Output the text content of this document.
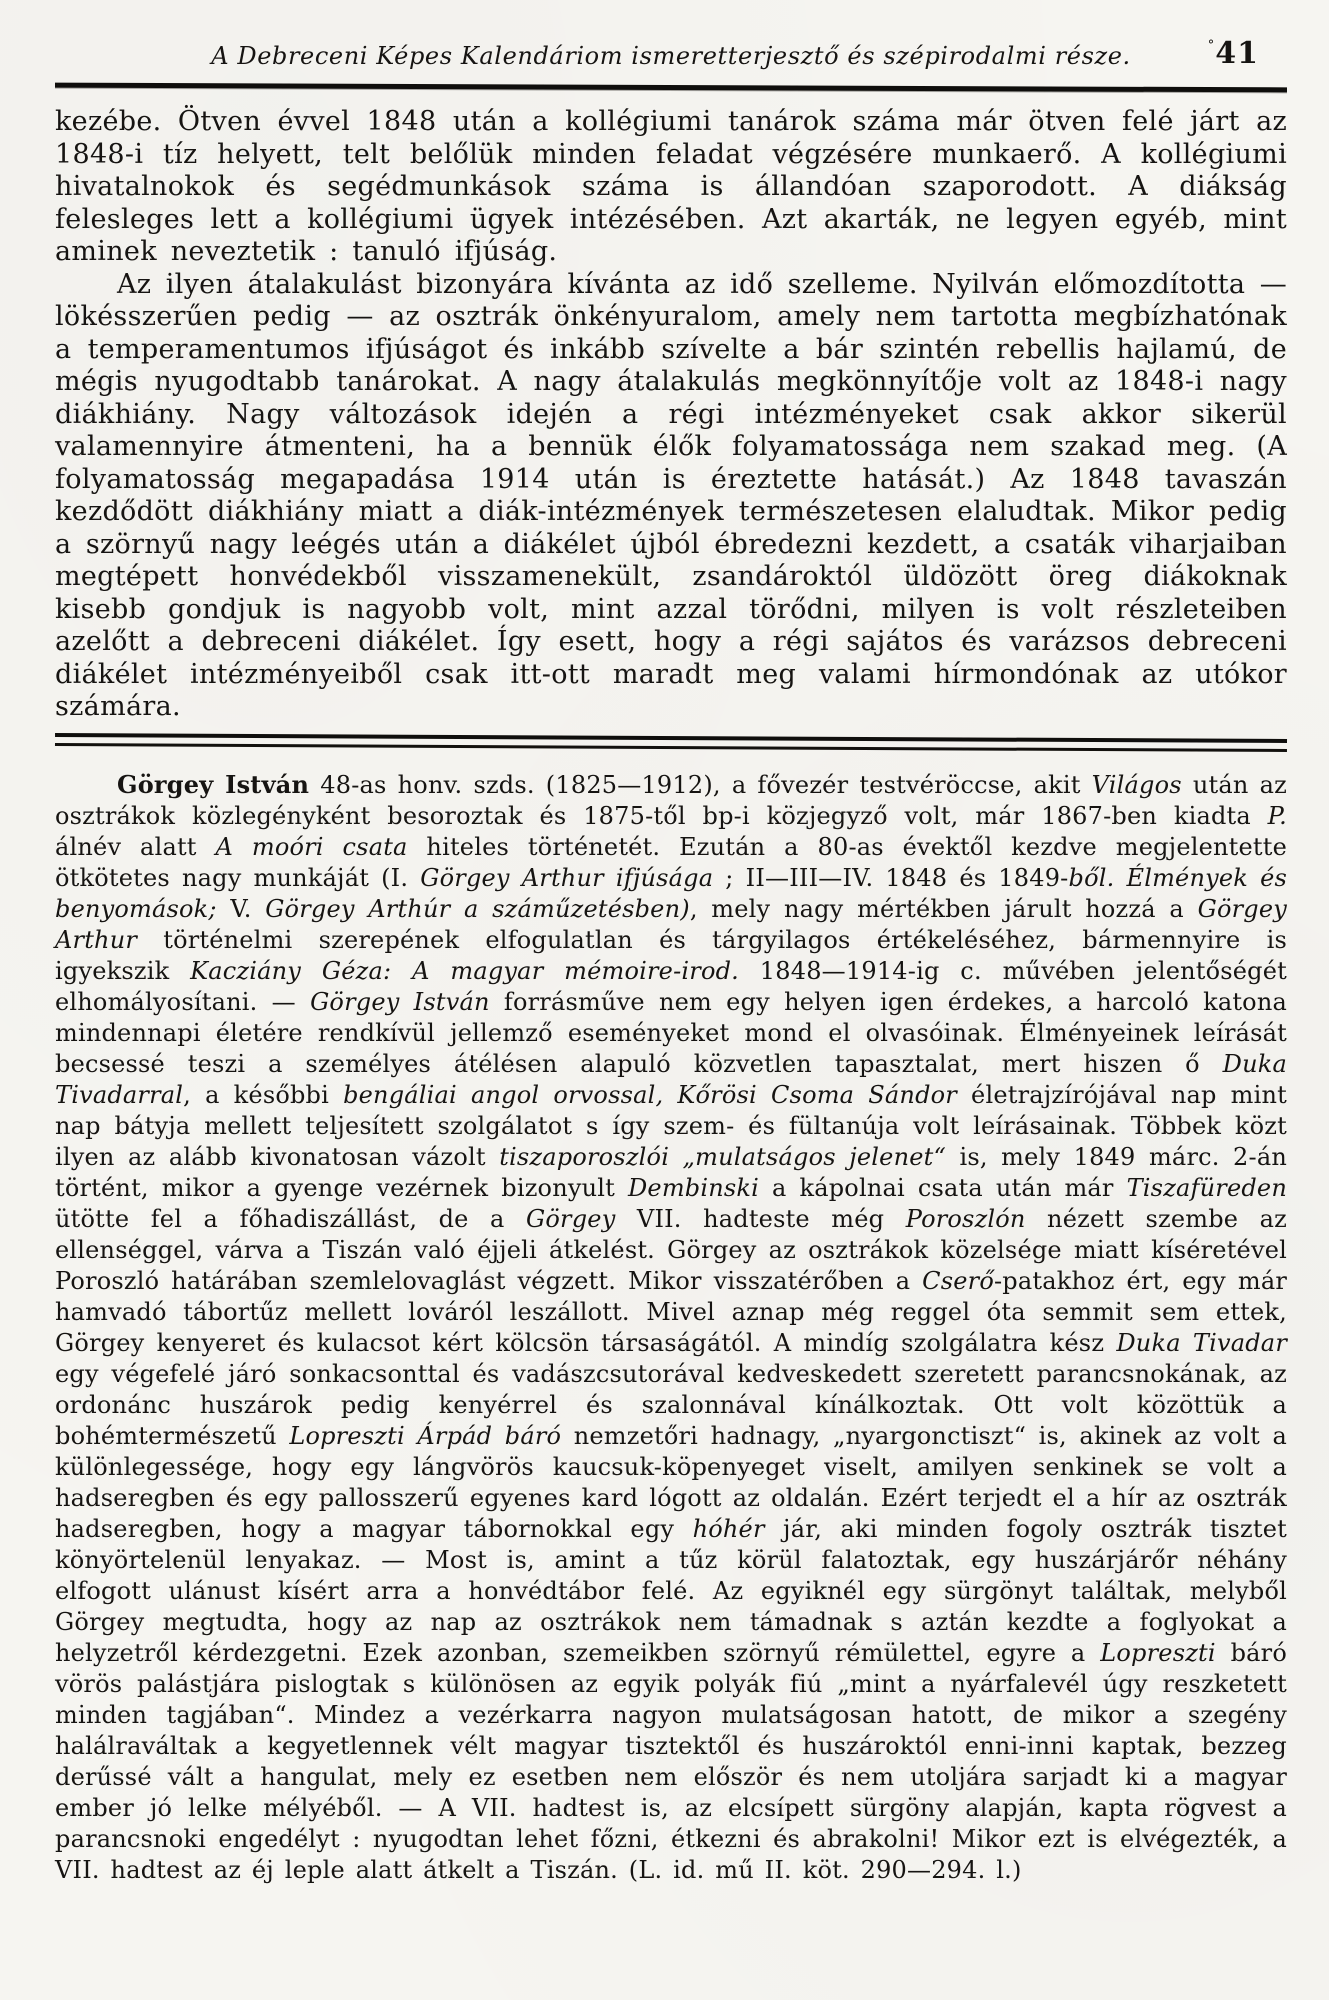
A Debreceni Képes Kalendáriom ismeretterjesztő és szépirodalmi része.	°41

kezébe. Ötven évvel 1848 után a kollégiumi tanárok száma már ötven felé járt az 1848-i tíz helyett, telt belőlük minden feladat végzésére munkaerő. A kollégiumi hivatalnokok és segédmunkások száma is állandóan szaporodott. A diákság felesleges lett a kollégiumi ügyek intézésében. Azt akarták, ne legyen egyéb, mint aminek neveztetik : tanuló ifjúság.

Az ilyen átalakulást bizonyára kívánta az idő szelleme. Nyilván előmozdította — lökésszerűen pedig — az osztrák önkényuralom, amely nem tartotta megbízhatónak a temperamentumos ifjúságot és inkább szívelte a bár szintén rebellis hajlamú, de mégis nyugodtabb tanárokat. A nagy átalakulás megkönnyítője volt az 1848-i nagy diákhiány. Nagy változások idején a régi intézményeket csak akkor sikerül valamennyire átmenteni, ha a bennük élők folyamatossága nem szakad meg. (A folyamatosság megapadása 1914 után is éreztette hatását.) Az 1848 tavaszán kezdődött diákhiány miatt a diák-intézmények természetesen elaludtak. Mikor pedig a szörnyű nagy leégés után a diákélet újból ébredezni kezdett, a csaták viharjaiban megtépett honvédekből visszamenekült, zsandároktól üldözött öreg diákoknak kisebb gondjuk is nagyobb volt, mint azzal törődni, milyen is volt részleteiben azelőtt a debreceni diákélet. Így esett, hogy a régi sajátos és varázsos debreceni diákélet intézményeiből csak itt-ott maradt meg valami hírmondónak az utókor számára.

Görgey István 48-as honv. szds. (1825—1912), a fővezér testvéröccse, akit Világos után az osztrákok közlegényként besoroztak és 1875-től bp-i közjegyző volt, már 1867-ben kiadta P. álnév alatt A moóri csata hiteles történetét. Ezután a 80-as évektől kezdve megjelentette ötkötetes nagy munkáját (I. Görgey Arthur ifjúsága ; II—III—IV. 1848 és 1849-ből. Élmények és benyomások; V. Görgey Arthúr a száműzetésben), mely nagy mértékben járult hozzá a Görgey Arthur történelmi szerepének elfogulatlan és tárgyilagos értékeléséhez, bármennyire is igyekszik Kacziány Géza: A magyar mémoire-irod. 1848—1914-ig c. művében jelentőségét elhomályosítani. — Görgey István forrásműve nem egy helyen igen érdekes, a harcoló katona mindennapi életére rendkívül jellemző eseményeket mond el olvasóinak. Élményeinek leírását becsessé teszi a személyes átélésen alapuló közvetlen tapasztalat, mert hiszen ő Duka Tivadarral, a későbbi bengáliai angol orvossal, Kőrösi Csoma Sándor életrajzírójával nap mint nap bátyja mellett teljesített szolgálatot s így szem- és fültanúja volt leírásainak. Többek közt ilyen az alább kivonatosan vázolt tiszaporoszlói „mulatságos jelenet“ is, mely 1849 márc. 2-án történt, mikor a gyenge vezérnek bizonyult Dembinski a kápolnai csata után már Tiszafüreden ütötte fel a főhadiszállást, de a Görgey VII. hadteste még Poroszlón nézett szembe az ellenséggel, várva a Tiszán való éjjeli átkelést. Görgey az osztrákok közelsége miatt kíséretével Poroszló határában szemlelovaglást végzett. Mikor visszatérőben a Cserő-patakhoz ért, egy már hamvadó tábortűz mellett lováról leszállott. Mivel aznap még reggel óta semmit sem ettek, Görgey kenyeret és kulacsot kért kölcsön társaságától. A mindíg szolgálatra kész Duka Tivadar egy végefelé járó sonkacsonttal és vadászcsutorával kedveskedett szeretett parancsnokának, az ordonánc huszárok pedig kenyérrel és szalonnával kínálkoztak. Ott volt közöttük a bohémtermészetű Lopreszti Árpád báró nemzetőri hadnagy, „nyargonctiszt“ is, akinek az volt a különlegessége, hogy egy lángvörös kaucsuk-köpenyeget viselt, amilyen senkinek se volt a hadseregben és egy pallosszerű egyenes kard lógott az oldalán. Ezért terjedt el a hír az osztrák hadseregben, hogy a magyar tábornokkal egy hóhér jár, aki minden fogoly osztrák tisztet könyörtelenül lenyakaz. — Most is, amint a tűz körül falatoztak, egy huszárjárőr néhány elfogott ulánust kísért arra a honvédtábor felé. Az egyiknél egy sürgönyt találtak, melyből Görgey megtudta, hogy az nap az osztrákok nem támadnak s aztán kezdte a foglyokat a helyzetről kérdezgetni. Ezek azonban, szemeikben szörnyű rémülettel, egyre a Lopreszti báró vörös palástjára pislogtak s különösen az egyik polyák fiú „mint a nyárfalevél úgy reszketett minden tagjában“. Mindez a vezérkarra nagyon mulatságosan hatott, de mikor a szegény halálraváltak a kegyetlennek vélt magyar tisztektől és huszároktól enni-inni kaptak, bezzeg derűssé vált a hangulat, mely ez esetben nem először és nem utoljára sarjadt ki a magyar ember jó lelke mélyéből. — A VII. hadtest is, az elcsípett sürgöny alapján, kapta rögvest a parancsnoki engedélyt : nyugodtan lehet főzni, étkezni és abrakolni! Mikor ezt is elvégezték, a VII. hadtest az éj leple alatt átkelt a Tiszán. (L. id. mű II. köt. 290—294. l.)
